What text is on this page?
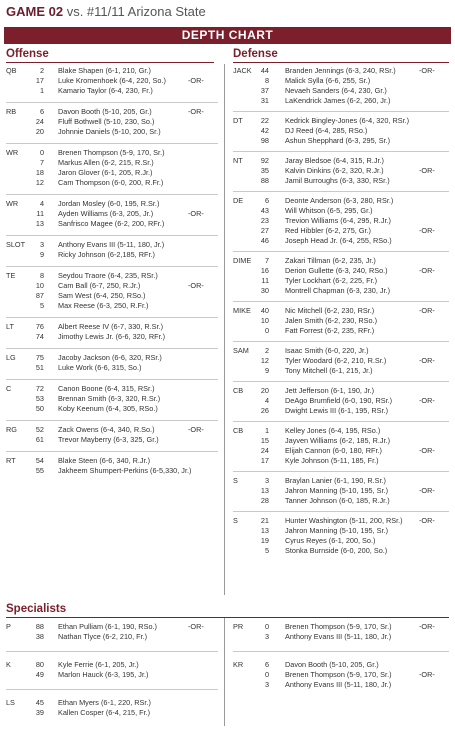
GAME 02 vs. #11/11 Arizona State
DEPTH CHART
Offense	Defense
QB	2 Blake Shapen (6-1, 210, Gr.)
17 Luke Kromenhoek (6-4, 220, So.)	-OR-
1 Kamario Taylor (6-4, 230, Fr.)
RB	6 Davon Booth (5-10, 205, Gr.)	-OR-
24 Fluff Bothwell (5-10, 230, So.)
20 Johnnie Daniels (5-10, 200, Sr.)
WR	0 Brenen Thompson (5-9, 170, Sr.)
7 Markus Allen (6-2, 215, R.Sr.)
18 Jaron Glover (6-1, 205, R.Jr.)
12 Cam Thompson (6-0, 200, R.Fr.)
WR	4 Jordan Mosley (6-0, 195, R.Sr.)
11 Ayden Williams (6-3, 205, Jr.)	-OR-
13 Sanfrisco Magee (6-2, 200, RFr.)
SLOT	3 Anthony Evans III (5-11, 180, Jr.)
9 Ricky Johnson (6-2,185, RFr.)
TE	8 Seydou Traore (6-4, 235, RSr.)
10 Cam Ball (6-7, 250, R.Jr.)	-OR-
87 Sam West (6-4, 250, RSo.)
5 Max Reese (6-3, 250, R.Fr.)
LT	76 Albert Reese IV (6-7, 330, R.Sr.)
74 Jimothy Lewis Jr. (6-6, 320, RFr.)
LG	75 Jacoby Jackson (6-6, 320, RSr.)
51 Luke Work (6-6, 315, So.)
C	72 Canon Boone (6-4, 315, RSr.)
53 Brennan Smith (6-3, 320, R.Sr.)
50 Koby Keenum (6-4, 305, RSo.)
RG	52 Zack Owens (6-4, 340, R.So.)	-OR-
61 Trevor Mayberry (6-3, 325, Gr.)
RT	54 Blake Steen (6-6, 340, R.Jr.)
55 Jakheem Shumpert-Perkins (6-5,330, Jr.)
JACK	44 Branden Jennings (6-3, 240, RSr.)	-OR-
8 Malick Sylla (6-6, 255, Sr.)
37 Nevaeh Sanders (6-4, 230, Gr.)
31 LaKendrick James (6-2, 260, Jr.)
DT	22 Kedrick Bingley-Jones (6-4, 320, RSr.)
42 DJ Reed (6-4, 285, RSo.)
98 Ashun Shepphard (6-3, 295, Sr.)
NT	92 Jaray Bledsoe (6-4, 315, R.Jr.)
35 Kalvin Dinkins (6-2, 320, R.Jr.)	-OR-
88 Jamil Burroughs (6-3, 330, RSr.)
DE	6 Deonte Anderson (6-3, 280, RSr.)
43 Will Whitson (6-5, 295, Gr.)
23 Trevion Williams (6-4, 295, R.Jr.)
27 Red Hibbler (6-2, 275, Gr.)	-OR-
46 Joseph Head Jr. (6-4, 255, RSo.)
DIME	7 Zakari Tillman (6-2, 235, Jr.)
16 Derion Gullette (6-3, 240, RSo.)	-OR-
11 Tyler Lockhart (6-2, 225, Fr.)
30 Montrell Chapman (6-3, 230, Jr.)
MIKE	40 Nic Mitchell (6-2, 230, RSr.)	-OR-
10 Jalen Smith (6-2, 230, RSo.)
0 Fatt Forrest (6-2, 235, RFr.)
SAM	2 Isaac Smith (6-0, 220, Jr.)
12 Tyler Woodard (6-2, 210, R.Sr.)	-OR-
9 Tony Mitchell (6-1, 215, Jr.)
CB	20 Jett Jefferson (6-1, 190, Jr.)
4 DeAgo Brumfield (6-0, 190, RSr.)	-OR-
26 Dwight Lewis III (6-1, 195, RSr.)
CB	1 Kelley Jones (6-4, 195, RSo.)
15 Jayven Williams (6-2, 185, R.Jr.)
24 Elijah Cannon (6-0, 180, RFr.)	-OR-
17 Kyle Johnson (5-11, 185, Fr.)
S	3 Braylan Lanier (6-1, 190, R.Sr.)
13 Jahron Manning (5-10, 195, Sr.)	-OR-
28 Tanner Johnson (6-0, 185, R.Jr.)
S	21 Hunter Washington (5-11, 200, RSr.) -OR-
13 Jahron Manning (5-10, 195, Sr.)
19 Cyrus Reyes (6-1, 200, So.)
5 Stonka Burnside (6-0, 200, So.)
Specialists
P	88 Ethan Pulliam (6-1, 190, RSo.)	-OR-
38 Nathan Tlyce (6-2, 210, Fr.)
K	80 Kyle Ferrie (6-1, 205, Jr.)
49 Marlon Hauck (6-3, 195, Jr.)
LS	45 Ethan Myers (6-1, 220, RSr.)
39 Kallen Cosper (6-4, 215, Fr.)
PR	0 Brenen Thompson (5-9, 170, Sr.)	-OR-
3 Anthony Evans III (5-11, 180, Jr.)
KR	6 Davon Booth (5-10, 205, Gr.)
0 Brenen Thompson (5-9, 170, Sr.)	-OR-
3 Anthony Evans III (5-11, 180, Jr.)
